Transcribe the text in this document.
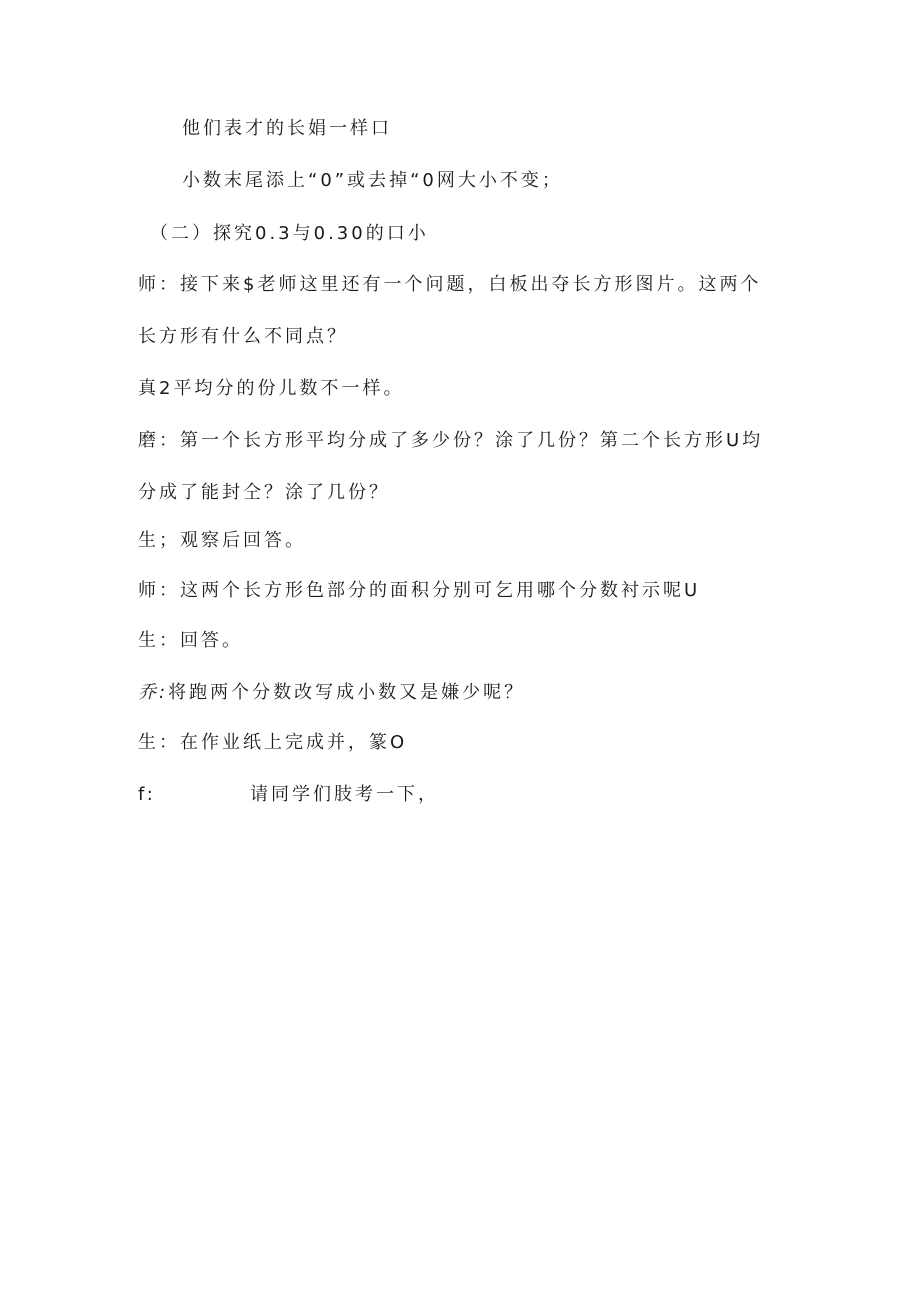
他们表才的长娟一样口
小数末尾添上“0”或去掉“0网大小不变；
（二）探究0.3与0.30的口小
师：接下来$老师这里还有一个问题，白板出夺长方形图片。这两个
长方形有什么不同点？
真2平均分的份儿数不一样。
磨：第一个长方形平均分成了多少份？涂了几份？第二个长方形U均
分成了能封仝？涂了几份？
生；观察后回答。
师：这两个长方形色部分的面积分别可乞用哪个分数衬示呢U
生：回答。
乔:将跑两个分数改写成小数又是嫌少呢？
生：在作业纸上完成并，篆O
f:	请同学们肢考一下，
